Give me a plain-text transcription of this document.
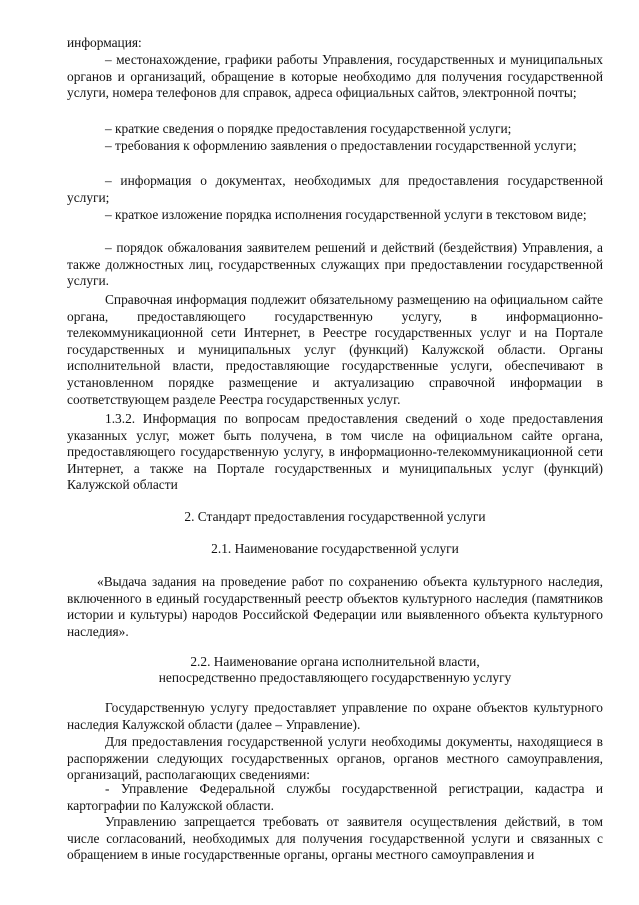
информация:

– местонахождение, графики работы Управления, государственных и муниципальных органов и организаций, обращение в которые необходимо для получения государственной услуги, номера телефонов для справок, адреса официальных сайтов, электронной почты;

– краткие сведения о порядке предоставления государственной услуги;

– требования к оформлению заявления о предоставлении государственной услуги;

– информация о документах, необходимых для предоставления государственной услуги;

– краткое изложение порядка исполнения государственной услуги в текстовом виде;

– порядок обжалования заявителем решений и действий (бездействия) Управления, а также должностных лиц, государственных служащих при предоставлении государственной услуги.

Справочная информация подлежит обязательному размещению на официальном сайте органа, предоставляющего государственную услугу, в информационно-телекоммуникационной сети Интернет, в Реестре государственных услуг и на Портале государственных и муниципальных услуг (функций) Калужской области. Органы исполнительной власти, предоставляющие государственные услуги, обеспечивают в установленном порядке размещение и актуализацию справочной информации в соответствующем разделе Реестра государственных услуг.

1.3.2. Информация по вопросам предоставления сведений о ходе предоставления указанных услуг, может быть получена, в том числе на официальном сайте органа, предоставляющего государственную услугу, в информационно-телекоммуникационной сети Интернет, а также на Портале государственных и муниципальных услуг (функций) Калужской области

2. Стандарт предоставления государственной услуги

2.1. Наименование государственной услуги

«Выдача задания на проведение работ по сохранению объекта культурного наследия, включенного в единый государственный реестр объектов культурного наследия (памятников истории и культуры) народов Российской Федерации или выявленного объекта культурного наследия».

2.2. Наименование органа исполнительной власти,

непосредственно предоставляющего государственную услугу

Государственную услугу предоставляет управление по охране объектов культурного наследия Калужской области (далее – Управление).

Для предоставления государственной услуги необходимы документы, находящиеся в распоряжении следующих государственных органов, органов местного самоуправления, организаций, располагающих сведениями:

- Управление Федеральной службы государственной регистрации, кадастра и картографии по Калужской области.

Управлению запрещается требовать от заявителя осуществления действий, в том числе согласований, необходимых для получения государственной услуги и связанных с обращением в иные государственные органы, органы местного самоуправления и
